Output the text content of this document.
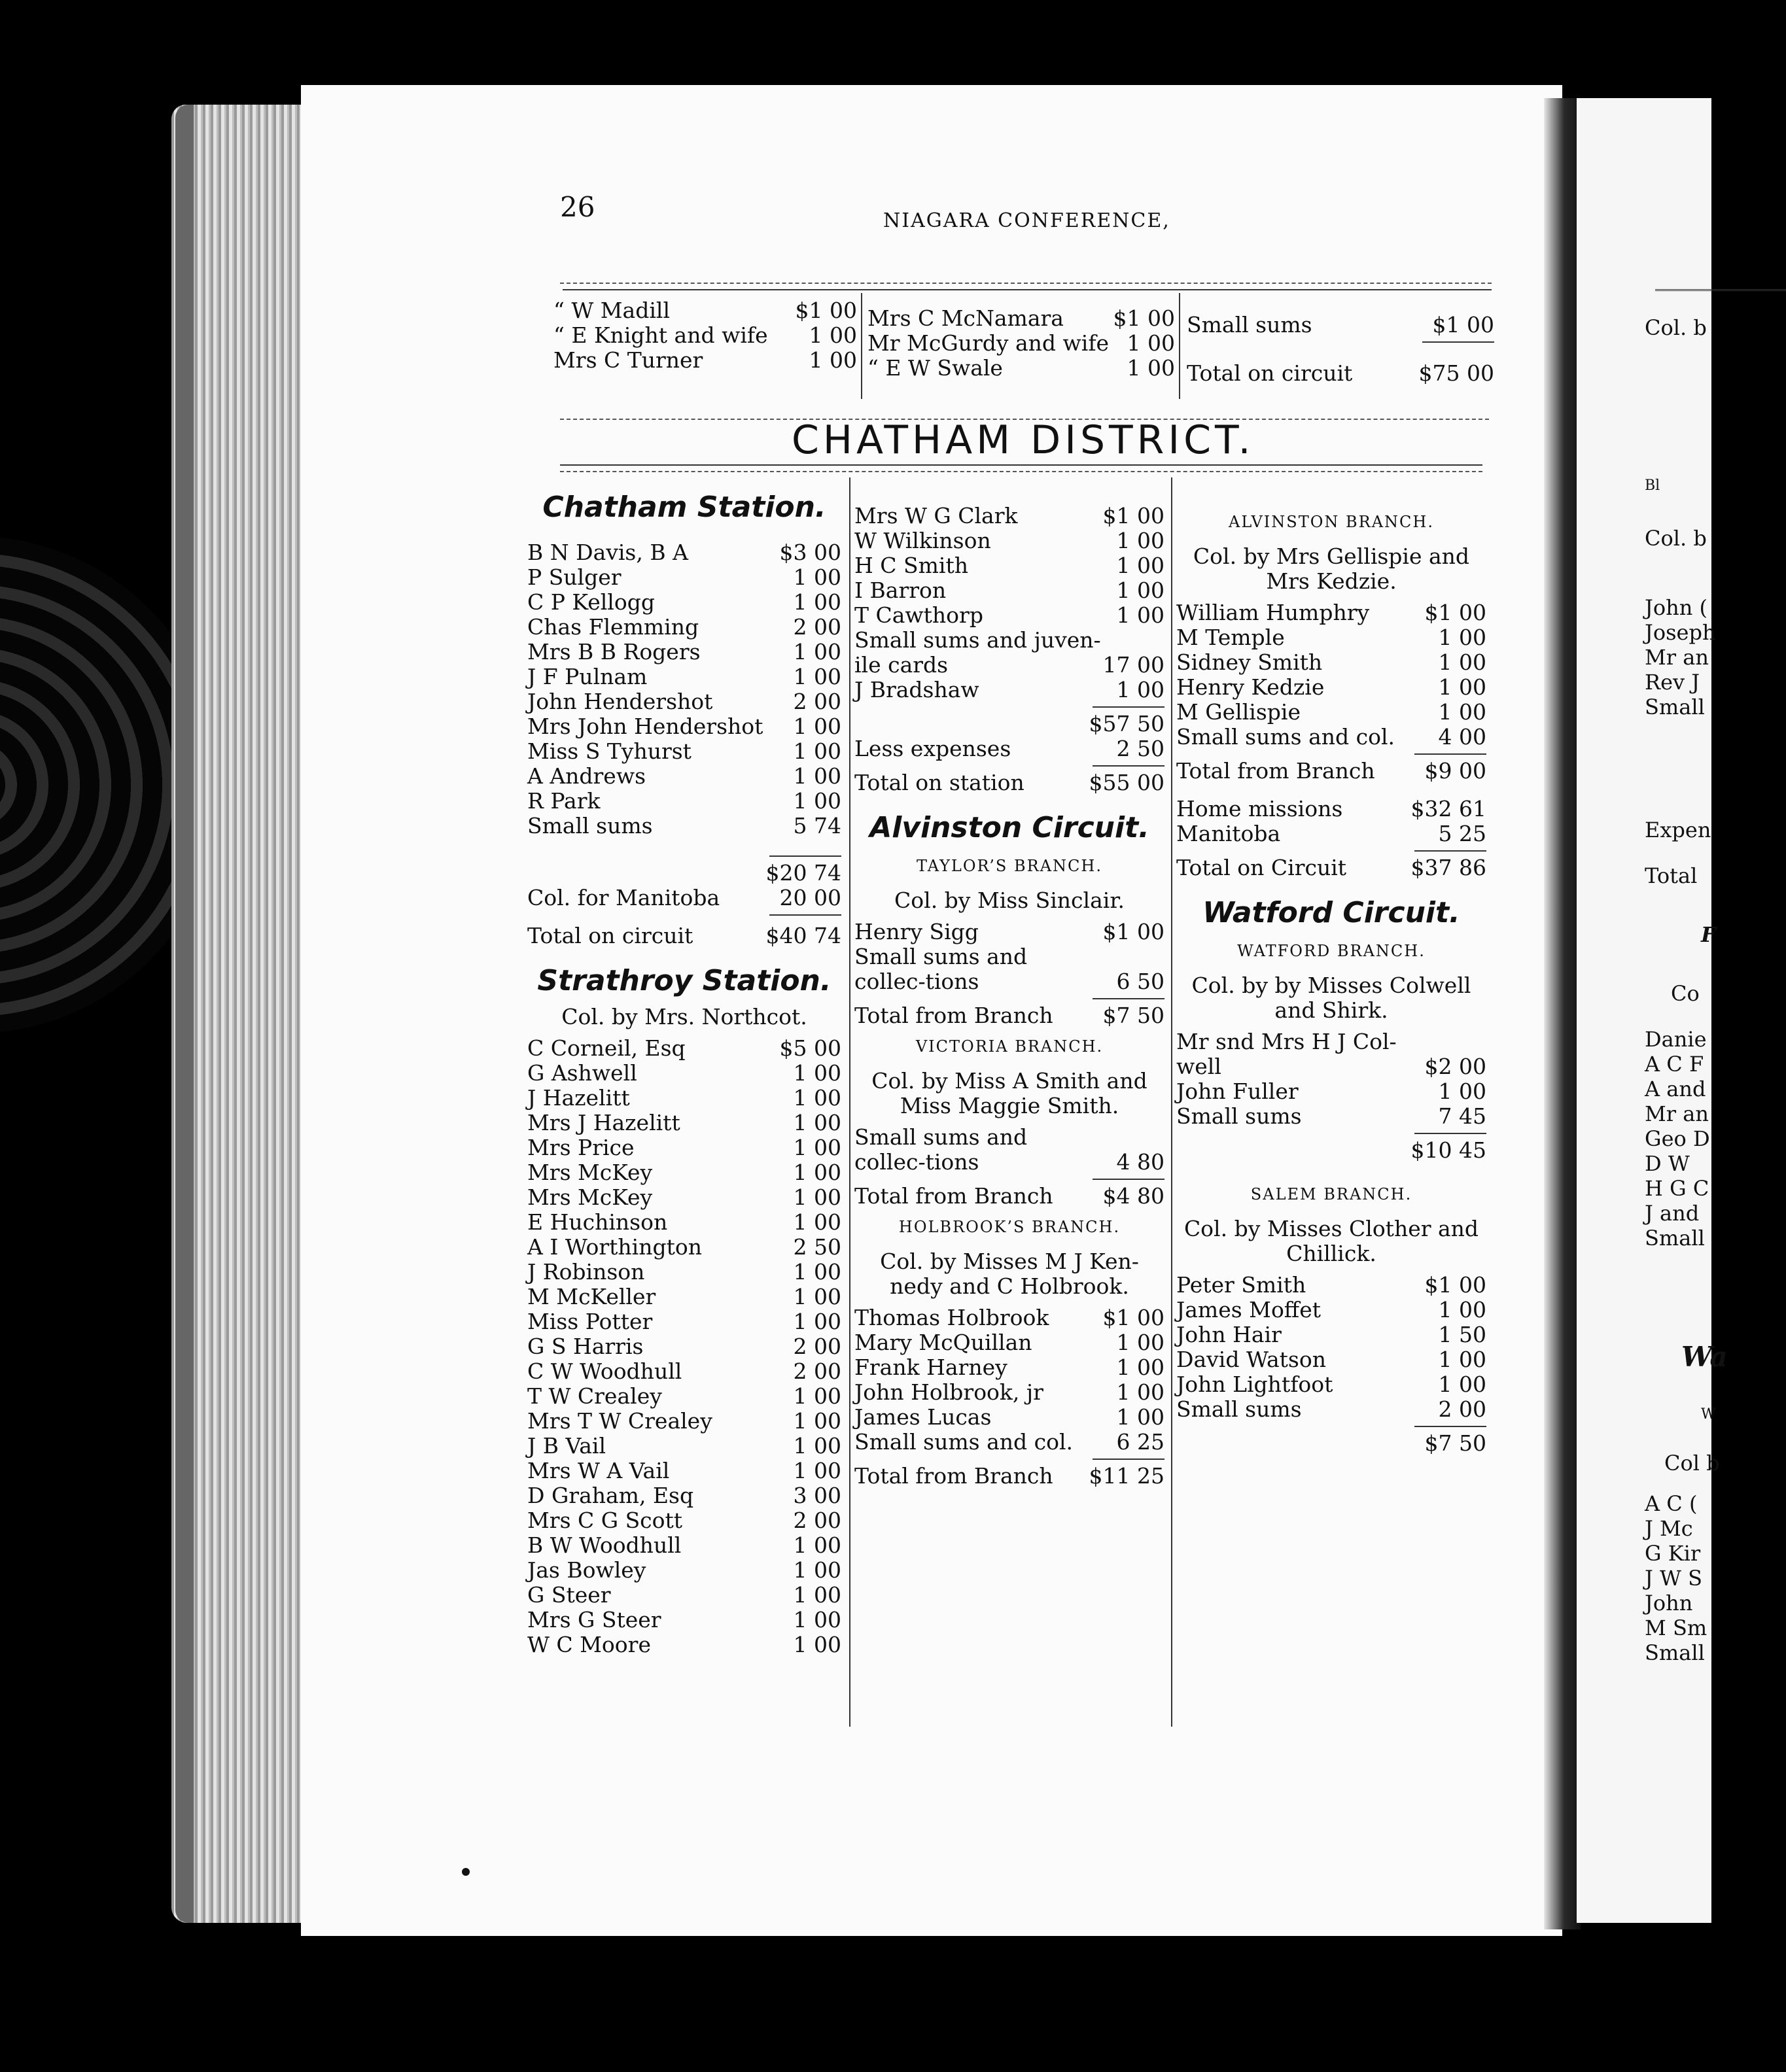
Col. b
Bl
Col. b
John (
Joseph
Mr an
Rev J
Small
Expen
Total
F
Co
Danie
A C F
A and
Mr an
Geo D
D W
H G C
J and
Small
Wa
W
Col b
A C (
J Mc
G Kir
J W S
John
M Sm
Small
26	NIAGARA CONFERENCE,
“ W Madill	$1 00
“ E Knight and wife 1 00
Mrs C Turner	1 00
Mrs C McNamara $1 00
Mr McGurdy and wife 1 00
“ E W Swale	1 00
Small sums	$1 00
Total on circuit	$75 00
CHATHAM DISTRICT.
Chatham Station.
B N Davis, B A	$3 00
P Sulger	1 00
C P Kellogg	1 00
Chas Flemming	2 00
Mrs B B Rogers	1 00
J F Pulnam	1 00
John Hendershot	2 00
Mrs John Hendershot 1 00
Miss S Tyhurst	1 00
A Andrews	1 00
R Park	1 00
Small sums	5 74
$20 74
Col. for Manitoba	20 00
Total on circuit	$40 74
Strathroy Station.
Col. by Mrs. Northcot.
C Corneil, Esq	$5 00
G Ashwell	1 00
J Hazelitt	1 00
Mrs J Hazelitt	1 00
Mrs Price	1 00
Mrs McKey	1 00
Mrs McKey	1 00
E Huchinson	1 00
A I Worthington	2 50
J Robinson	1 00
M McKeller	1 00
Miss Potter	1 00
G S Harris	2 00
C W Woodhull	2 00
T W Crealey	1 00
Mrs T W Crealey	1 00
J B Vail	1 00
Mrs W A Vail	1 00
D Graham, Esq	3 00
Mrs C G Scott	2 00
B W Woodhull	1 00
Jas Bowley	1 00
G Steer	1 00
Mrs G Steer	1 00
W C Moore	1 00
Mrs W G Clark	$1 00
W Wilkinson	1 00
H C Smith	1 00
I Barron	1 00
T Cawthorp	1 00
Small sums and juven-ile cards	17 00
J Bradshaw	1 00
$57 50
Less expenses	2 50
Total on station	$55 00
Alvinston Circuit.
TAYLOR’S BRANCH.
Col. by Miss Sinclair.
Henry Sigg	$1 00
Small sums and collec-tions	6 50
Total from Branch $7 50
VICTORIA BRANCH.
Col. by Miss A Smith and Miss Maggie Smith.
Small sums and collec-tions	4 80
Total from Branch $4 80
HOLBROOK’S BRANCH.
Col. by Misses M J Ken-nedy and C Holbrook.
Thomas Holbrook $1 00
Mary McQuillan	1 00
Frank Harney	1 00
John Holbrook, jr	1 00
James Lucas	1 00
Small sums and col. 6 25
Total from Branch $11 25
ALVINSTON BRANCH.
Col. by Mrs Gellispie and Mrs Kedzie.
William Humphry	$1 00
M Temple	1 00
Sidney Smith	1 00
Henry Kedzie	1 00
M Gellispie	1 00
Small sums and col. 4 00
Total from Branch $9 00
Home missions	$32 61
Manitoba	5 25
Total on Circuit	$37 86
Watford Circuit.
WATFORD BRANCH.
Col. by by Misses Colwell and Shirk.
Mr snd Mrs H J Col-well	$2 00
John Fuller	1 00
Small sums	7 45
$10 45
SALEM BRANCH.
Col. by Misses Clother and Chillick.
Peter Smith	$1 00
James Moffet	1 00
John Hair	1 50
David Watson	1 00
John Lightfoot	1 00
Small sums	2 00
$7 50
